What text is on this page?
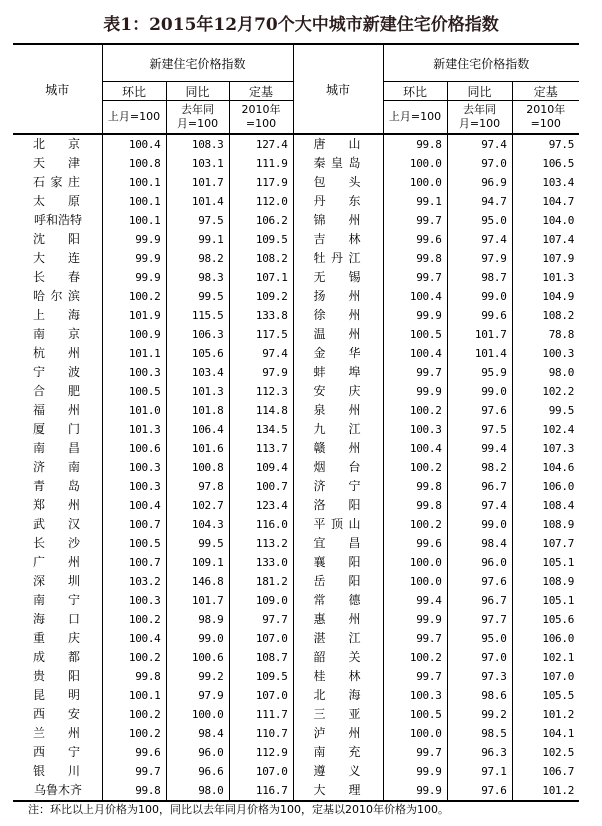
表1：2015年12月70个大中城市新建住宅价格指数
城市	新建住宅价格指数			城市	新建住宅价格指数		
	环比	同比	定基		环比	同比	定基
	上月=100	去年同月=100	2010年=100		上月=100	去年同月=100	2010年=100
北京	100.4	108.3	127.4	唐山	99.8	97.4	97.5
天津	100.8	103.1	111.9	秦皇岛	100.0	97.0	106.5
石家庄	100.1	101.7	117.9	包头	100.0	96.9	103.4
太原	100.1	101.4	112.0	丹东	99.1	94.7	104.7
呼和浩特	100.1	97.5	106.2	锦州	99.7	95.0	104.0
沈阳	99.9	99.1	109.5	吉林	99.6	97.4	107.4
大连	99.9	98.2	108.2	牡丹江	99.8	97.9	107.9
长春	99.9	98.3	107.1	无锡	99.7	98.7	101.3
哈尔滨	100.2	99.5	109.2	扬州	100.4	99.0	104.9
上海	101.9	115.5	133.8	徐州	99.9	99.6	108.2
南京	100.9	106.3	117.5	温州	100.5	101.7	78.8
杭州	101.1	105.6	97.4	金华	100.4	101.4	100.3
宁波	100.3	103.4	97.9	蚌埠	99.7	95.9	98.0
合肥	100.5	101.3	112.3	安庆	99.9	99.0	102.2
福州	101.0	101.8	114.8	泉州	100.2	97.6	99.5
厦门	101.3	106.4	134.5	九江	100.3	97.5	102.4
南昌	100.6	101.6	113.7	赣州	100.4	99.4	107.3
济南	100.3	100.8	109.4	烟台	100.2	98.2	104.6
青岛	100.3	97.8	100.7	济宁	99.8	96.7	106.0
郑州	100.4	102.7	123.4	洛阳	99.8	97.4	108.4
武汉	100.7	104.3	116.0	平顶山	100.2	99.0	108.9
长沙	100.5	99.5	113.2	宜昌	99.6	98.4	107.7
广州	100.7	109.1	133.0	襄阳	100.0	96.0	105.1
深圳	103.2	146.8	181.2	岳阳	100.0	97.6	108.9
南宁	100.3	101.7	109.0	常德	99.4	96.7	105.1
海口	100.2	98.9	97.7	惠州	99.9	97.7	105.6
重庆	100.4	99.0	107.0	湛江	99.7	95.0	106.0
成都	100.2	100.6	108.7	韶关	100.2	97.0	102.1
贵阳	99.8	99.2	109.5	桂林	99.7	97.3	107.0
昆明	100.1	97.9	107.0	北海	100.3	98.6	105.5
西安	100.2	100.0	111.7	三亚	100.5	99.2	101.2
兰州	100.2	98.4	110.7	泸州	100.0	98.5	104.1
西宁	99.6	96.0	112.9	南充	99.7	96.3	102.5
银川	99.7	96.6	107.0	遵义	99.9	97.1	106.7
乌鲁木齐	99.8	98.0	116.7	大理	99.9	97.6	101.2
注：环比以上月价格为100，同比以去年同月价格为100，定基以2010年价格为100。
